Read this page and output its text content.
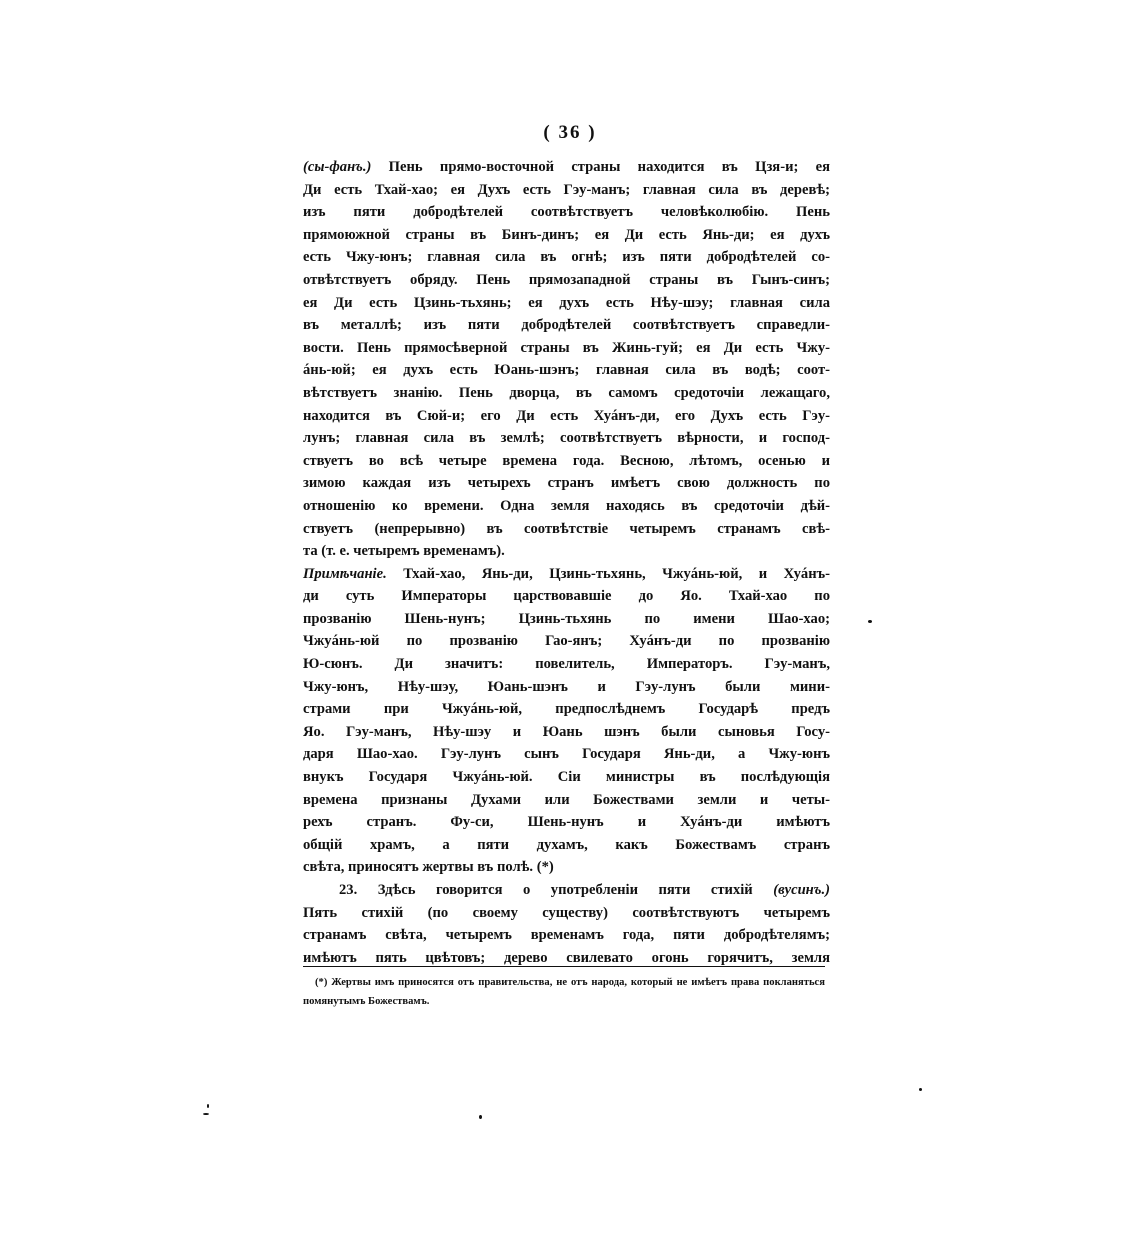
( 36 )

(сы-фанъ.) Пень прямо-восточной страны находится въ Цзя-и; ея

Ди есть Тхай-хао; ея Духъ есть Гэу-манъ; главная сила въ деревѣ;

изъ пяти добродѣтелей соотвѣтствуетъ человѣколюбію. Пень

прямоюжной страны въ Бинъ-динъ; ея Ди есть Янь-ди; ея духъ

есть Чжу-юнъ; главная сила въ огнѣ; изъ пяти добродѣтелей со-

отвѣтствуетъ обряду. Пень прямозападной страны въ Гынъ-синъ;

ея Ди есть Цзинь-тьхянь; ея духъ есть Нѣу-шэу; главная сила

въ металлѣ; изъ пяти добродѣтелей соотвѣтствуетъ справедли-

вости. Пень прямосѣверной страны въ Жинь-гуй; ея Ди есть Чжу-

áнь-юй; ея духъ есть Юань-шэнъ; главная сила въ водѣ; соот-

вѣтствуетъ знанію. Пень дворца, въ самомъ средоточіи лежащаго,

находится въ Сюй-и; его Ди есть Хуáнъ-ди, его Духъ есть Гэу-

лунъ; главная сила въ землѣ; соотвѣтствуетъ вѣрности, и господ-

ствуетъ во всѣ четыре времена года. Весною, лѣтомъ, осенью и

зимою каждая изъ четырехъ странъ имѣетъ свою должность по

отношенію ко времени. Одна земля находясь въ средоточіи дѣй-

ствуетъ (непрерывно) въ соотвѣтствіе четыремъ странамъ свѣ-

та (т. е. четыремъ временамъ).

Примѣчаніе. Тхай-хао, Янь-ди, Цзинь-тьхянь, Чжуáнь-юй, и Хуáнъ-

ди суть Императоры царствовавшіе до Яо. Тхай-хао по

прозванію Шень-нунъ; Цзинь-тьхянь по имени Шао-хао;

Чжуáнь-юй по прозванію Гао-янъ; Хуáнъ-ди по прозванію

Ю-сюнъ. Ди значитъ: повелитель, Императоръ. Гэу-манъ,

Чжу-юнъ, Нѣу-шэу, Юань-шэнъ и Гэу-лунъ были мини-

страми при Чжуáнь-юй, предпослѣднемъ Государѣ предъ

Яо. Гэу-манъ, Нѣу-шэу и Юань шэнъ были сыновья Госу-

даря Шао-хао. Гэу-лунъ сынъ Государя Янь-ди, а Чжу-юнъ

внукъ Государя Чжуáнь-юй. Сіи министры въ послѣдующія

времена признаны Духами или Божествами земли и четы-

рехъ странъ. Фу-си, Шень-нунъ и Хуáнъ-ди имѣютъ

общій храмъ, а пяти духамъ, какъ Божествамъ странъ

свѣта, приносятъ жертвы въ полѣ. (*)

23. Здѣсь говорится о употребленіи пяти стихій (вусинъ.)

Пять стихій (по своему существу) соотвѣтствуютъ четыремъ

странамъ свѣта, четыремъ временамъ года, пяти добродѣтелямъ;

имѣютъ пять цвѣтовъ; дерево свилеватo огонь горячитъ, земля

(*) Жертвы имъ приносятся отъ правительства, не отъ народа, который не имѣетъ права покланяться помянутымъ Божествамъ.
